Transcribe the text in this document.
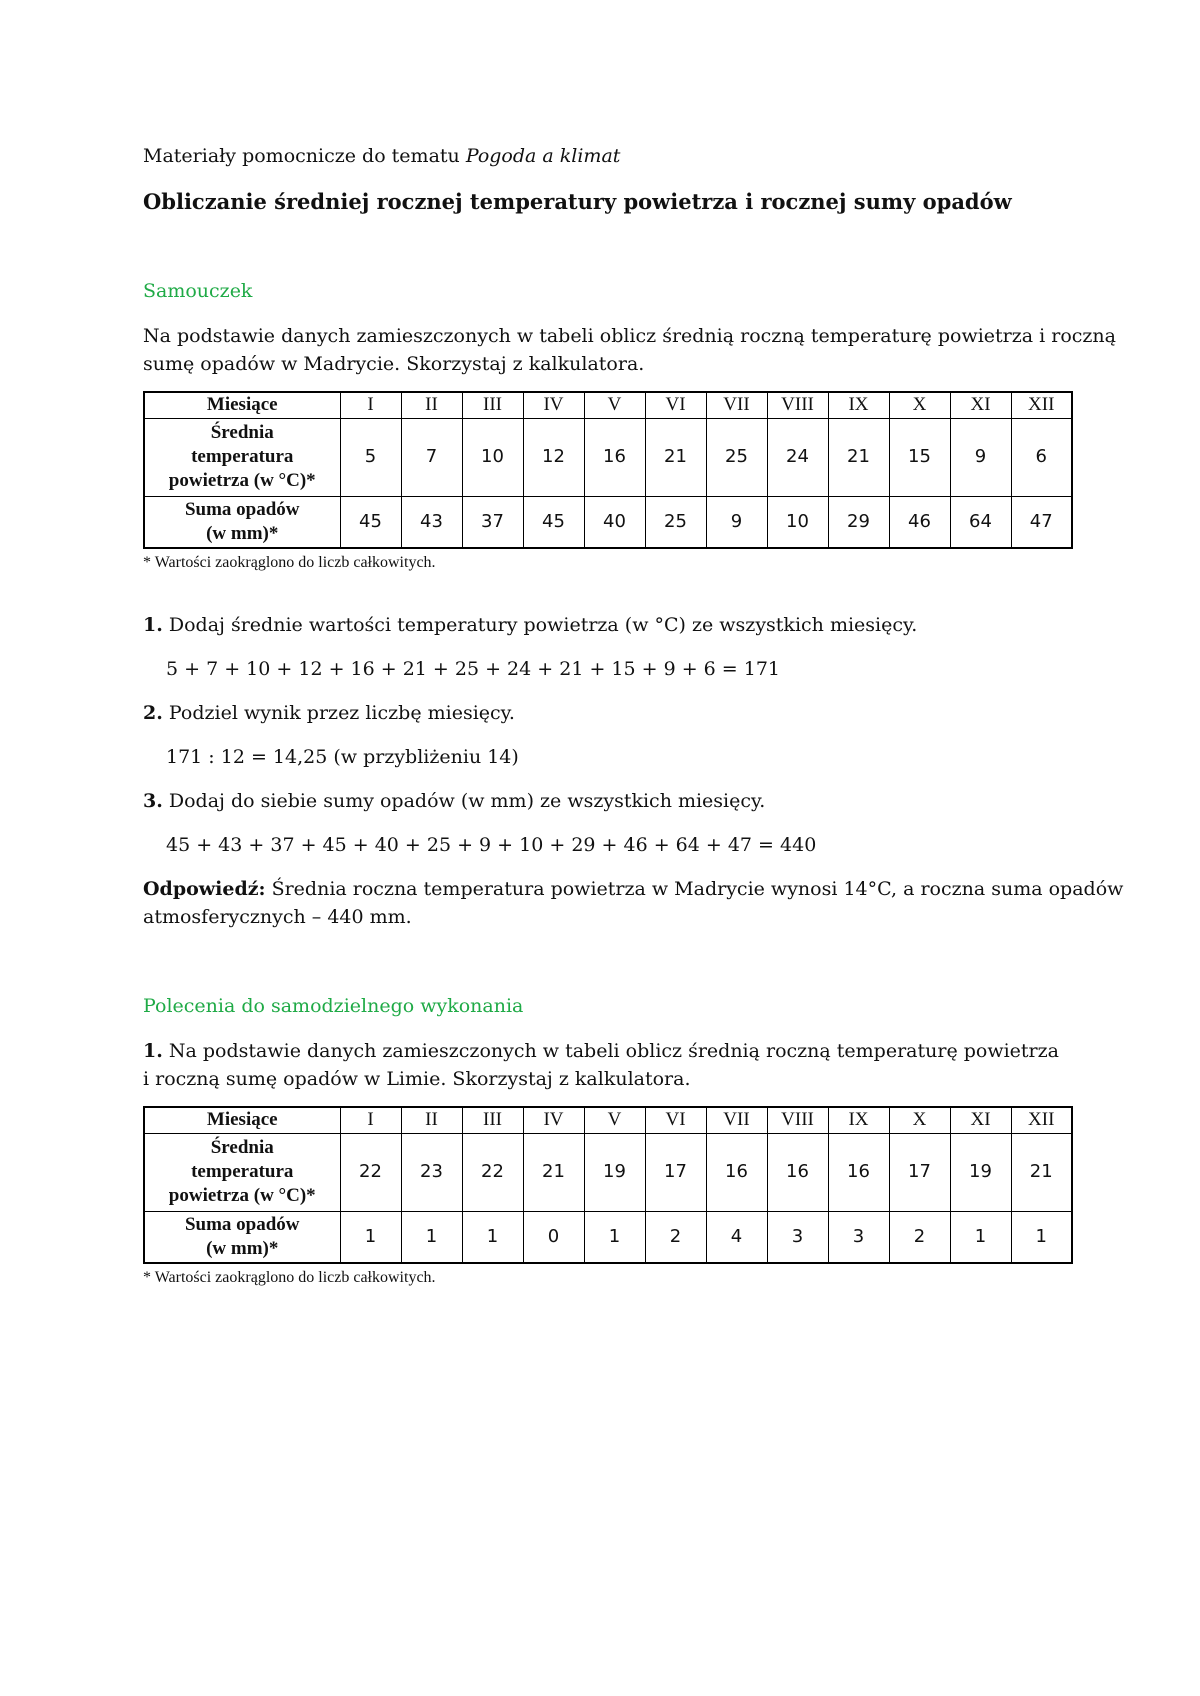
Materiały pomocnicze do tematu Pogoda a klimat
Obliczanie średniej rocznej temperatury powietrza i rocznej sumy opadów
Samouczek
Na podstawie danych zamieszczonych w tabeli oblicz średnią roczną temperaturę powietrza i roczną
sumę opadów w Madrycie. Skorzystaj z kalkulatora.
Miesiące	I	II	III	IV	V	VI	VII	VIII	IX	X	XI	XII

Średnia
temperatura
powietrza (w °C)*	5	7	10	12	16	21	25	24	21	15	9	6

Suma opadów
(w mm)*	45	43	37	45	40	25	9	10	29	46	64	47
* Wartości zaokrąglono do liczb całkowitych.
1. Dodaj średnie wartości temperatury powietrza (w °C) ze wszystkich miesięcy.
5 + 7 + 10 + 12 + 16 + 21 + 25 + 24 + 21 + 15 + 9 + 6 = 171
2. Podziel wynik przez liczbę miesięcy.
171 : 12 = 14,25 (w przybliżeniu 14)
3. Dodaj do siebie sumy opadów (w mm) ze wszystkich miesięcy.
45 + 43 + 37 + 45 + 40 + 25 + 9 + 10 + 29 + 46 + 64 + 47 = 440
Odpowiedź: Średnia roczna temperatura powietrza w Madrycie wynosi 14°C, a roczna suma opadów
atmosferycznych – 440 mm.
Polecenia do samodzielnego wykonania
1. Na podstawie danych zamieszczonych w tabeli oblicz średnią roczną temperaturę powietrza
i roczną sumę opadów w Limie. Skorzystaj z kalkulatora.
Miesiące	I	II	III	IV	V	VI	VII	VIII	IX	X	XI	XII

Średnia
temperatura
powietrza (w °C)*	22	23	22	21	19	17	16	16	16	17	19	21

Suma opadów
(w mm)*	1	1	1	0	1	2	4	3	3	2	1	1
* Wartości zaokrąglono do liczb całkowitych.
